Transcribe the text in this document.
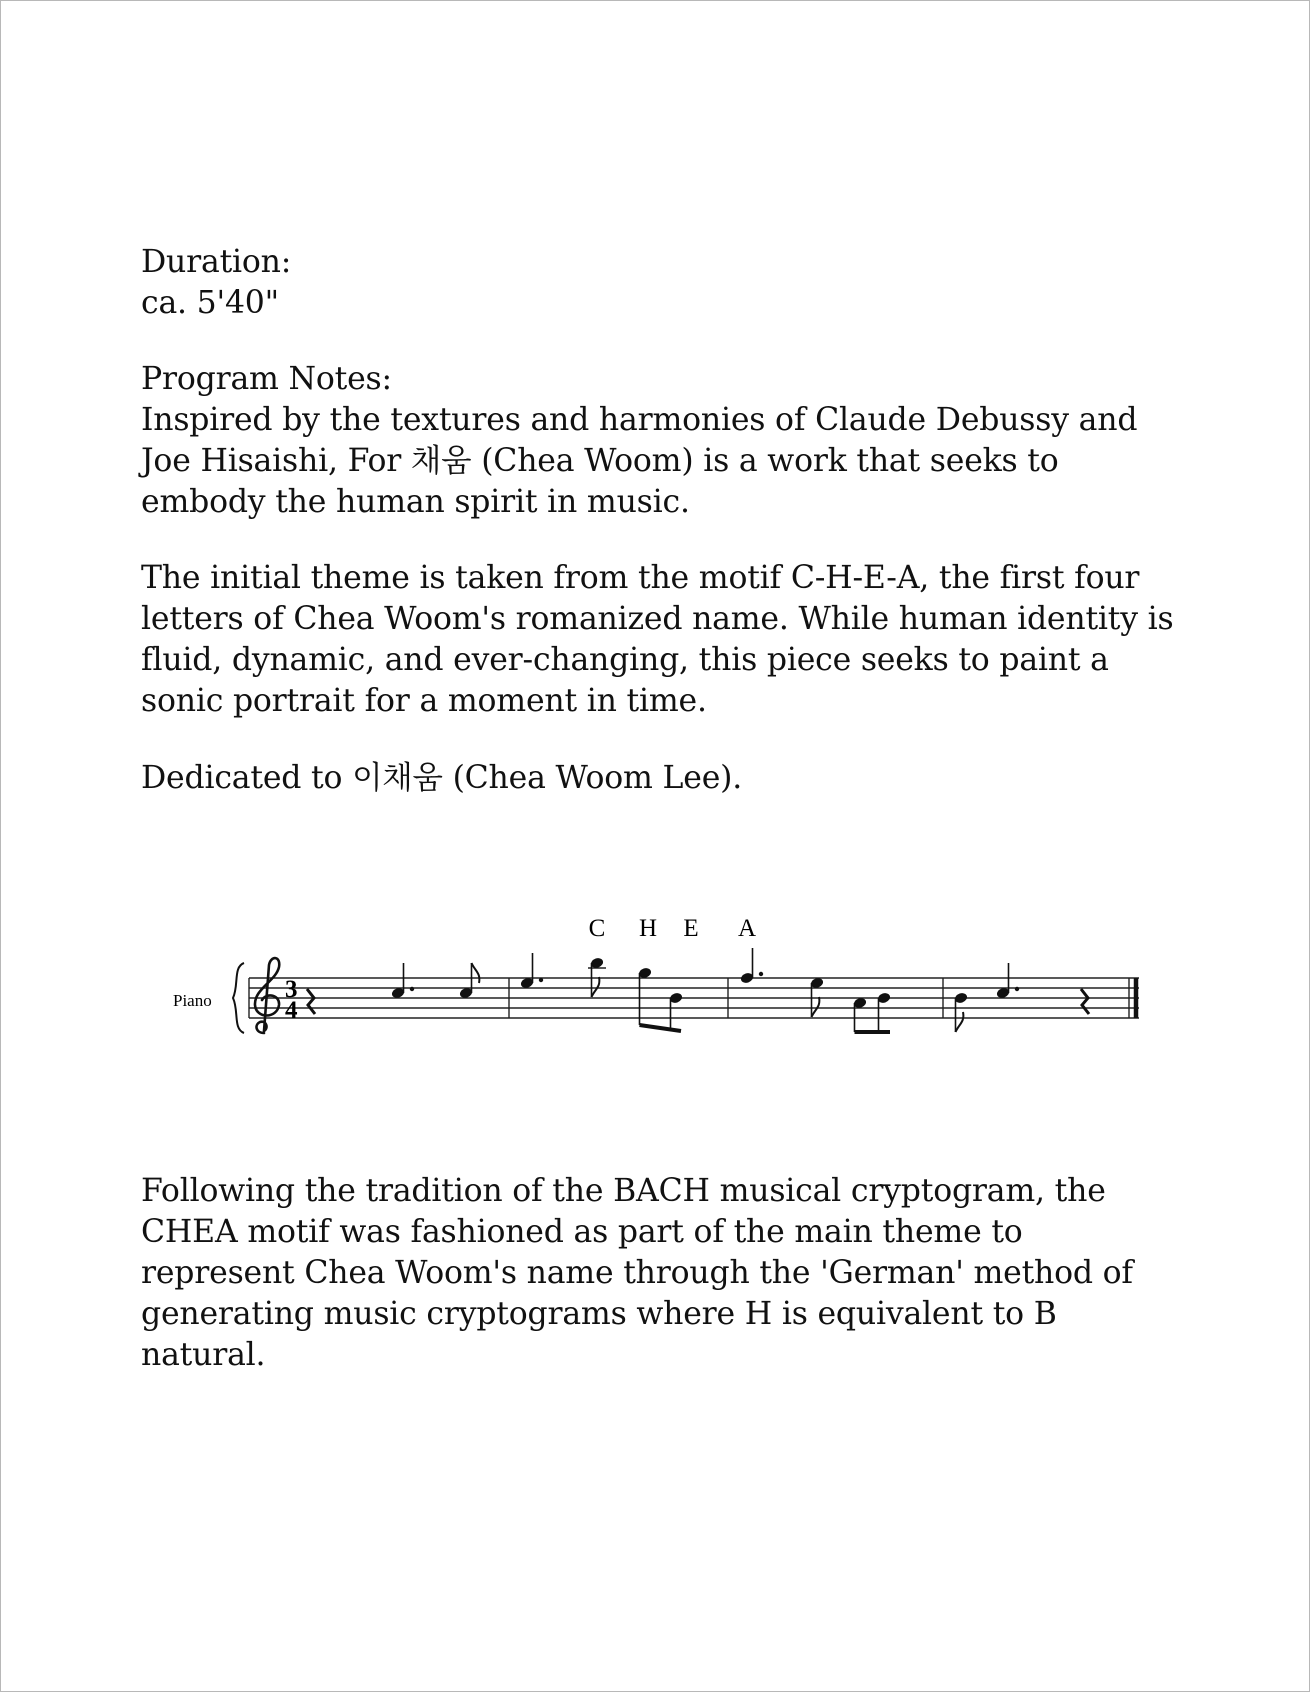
Duration:
ca. 5'40"
Program Notes:
Inspired by the textures and harmonies of Claude Debussy and Joe Hisaishi, For 채움 (Chea Woom) is a work that seeks to embody the human spirit in music.
The initial theme is taken from the motif C-H-E-A, the first four letters of Chea Woom's romanized name. While human identity is fluid, dynamic, and ever-changing, this piece seeks to paint a sonic portrait for a moment in time.
Dedicated to 이채움 (Chea Woom Lee).
C H E A
Piano	3
4
Following the tradition of the BACH musical cryptogram, the CHEA motif was fashioned as part of the main theme to represent Chea Woom's name through the 'German' method of generating music cryptograms where H is equivalent to B natural.
